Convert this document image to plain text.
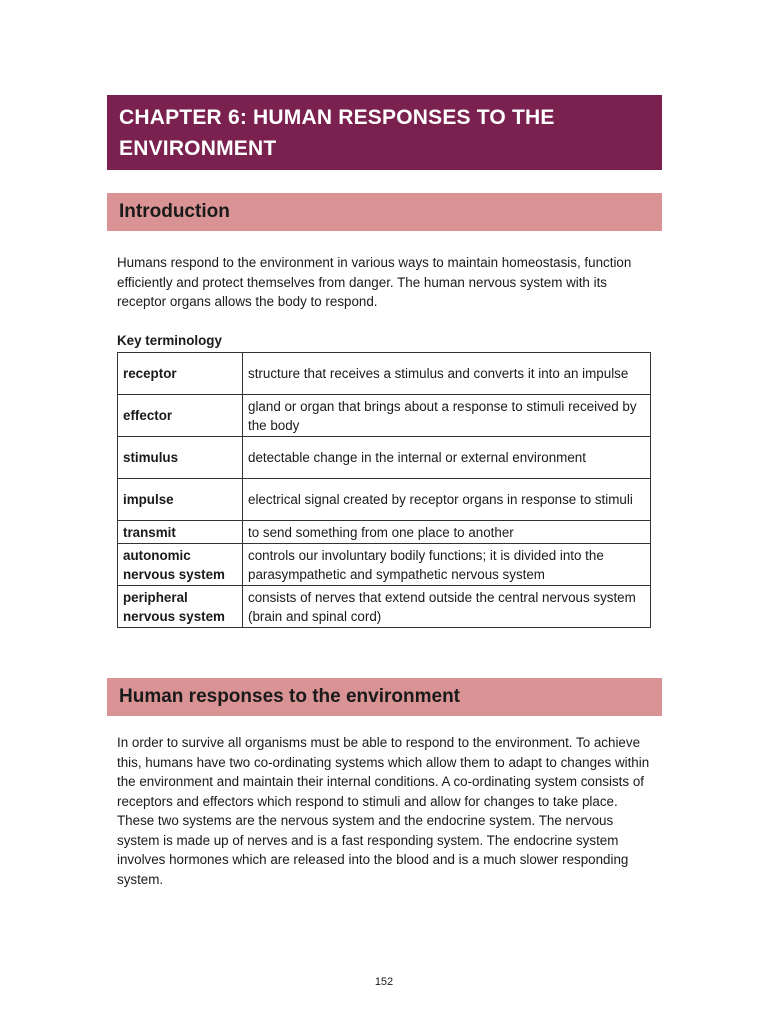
CHAPTER 6: HUMAN RESPONSES TO THE ENVIRONMENT
Introduction

Humans respond to the environment in various ways to maintain homeostasis, function efficiently and protect themselves from danger. The human nervous system with its receptor organs allows the body to respond.

Key terminology

receptor	structure that receives a stimulus and converts it into an impulse
effector	gland or organ that brings about a response to stimuli received by the body
stimulus	detectable change in the internal or external environment
impulse	electrical signal created by receptor organs in response to stimuli
transmit	to send something from one place to another
autonomic nervous system	controls our involuntary bodily functions; it is divided into the parasympathetic and sympathetic nervous system
peripheral nervous system	consists of nerves that extend outside the central nervous system (brain and spinal cord)
Human responses to the environment

In order to survive all organisms must be able to respond to the environment. To achieve this, humans have two co-ordinating systems which allow them to adapt to changes within the environment and maintain their internal conditions. A co-ordinating system consists of receptors and effectors which respond to stimuli and allow for changes to take place. These two systems are the nervous system and the endocrine system. The nervous system is made up of nerves and is a fast responding system. The endocrine system involves hormones which are released into the blood and is a much slower responding system.

152
